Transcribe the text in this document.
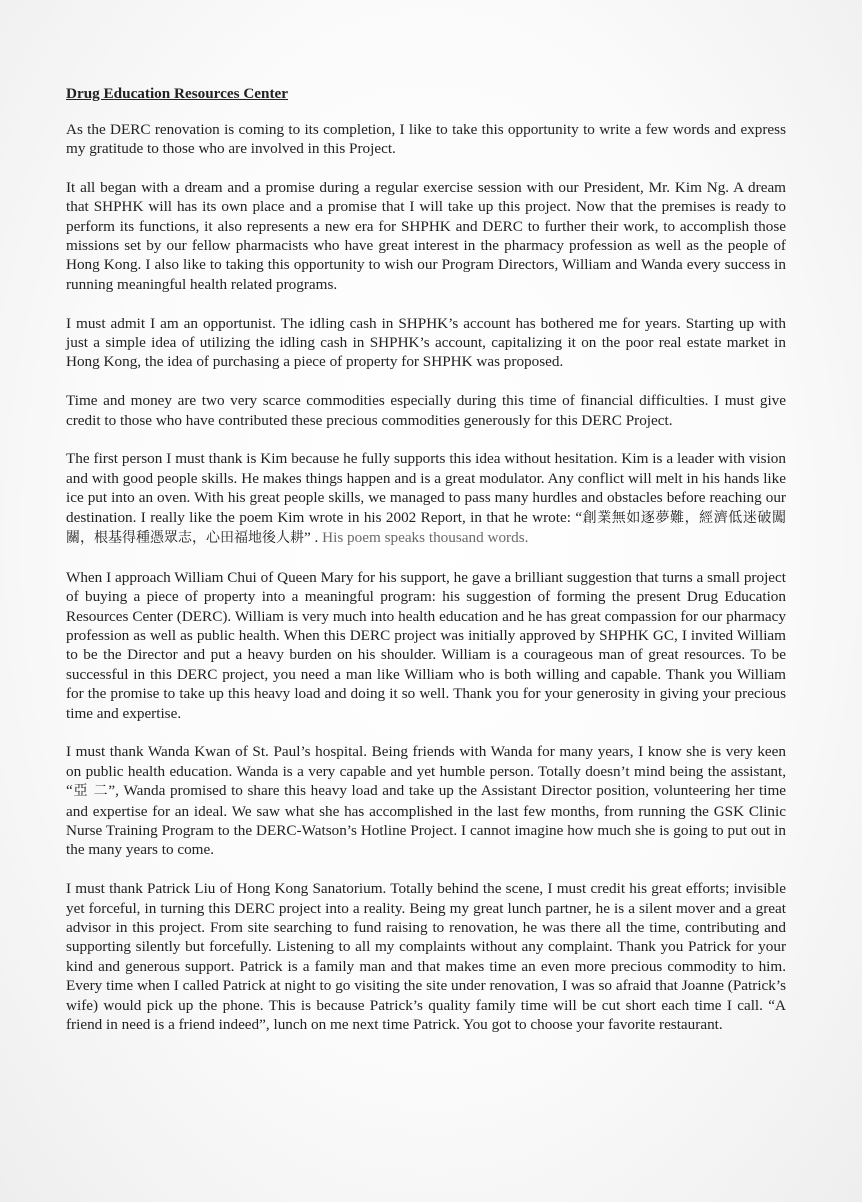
Drug Education Resources Center

As the DERC renovation is coming to its completion, I like to take this opportunity to write a few words and express my gratitude to those who are involved in this Project.

It all began with a dream and a promise during a regular exercise session with our President, Mr. Kim Ng. A dream that SHPHK will has its own place and a promise that I will take up this project. Now that the premises is ready to perform its functions, it also represents a new era for SHPHK and DERC to further their work, to accomplish those missions set by our fellow pharmacists who have great interest in the pharmacy profession as well as the people of Hong Kong. I also like to taking this opportunity to wish our Program Directors, William and Wanda every success in running meaningful health related programs.

I must admit I am an opportunist. The idling cash in SHPHK’s account has bothered me for years. Starting up with just a simple idea of utilizing the idling cash in SHPHK’s account, capitalizing it on the poor real estate market in Hong Kong, the idea of purchasing a piece of property for SHPHK was proposed.

Time and money are two very scarce commodities especially during this time of financial difficulties. I must give credit to those who have contributed these precious commodities generously for this DERC Project.

The first person I must thank is Kim because he fully supports this idea without hesitation. Kim is a leader with vision and with good people skills. He makes things happen and is a great modulator. Any conflict will melt in his hands like ice put into an oven. With his great people skills, we managed to pass many hurdles and obstacles before reaching our destination. I really like the poem Kim wrote in his 2002 Report, in that he wrote: “創業無如逐夢難，經濟低迷破闖關，根基得種憑眾志，心田福地後人耕” . His poem speaks thousand words.

When I approach William Chui of Queen Mary for his support, he gave a brilliant suggestion that turns a small project of buying a piece of property into a meaningful program: his suggestion of forming the present Drug Education Resources Center (DERC). William is very much into health education and he has great compassion for our pharmacy profession as well as public health. When this DERC project was initially approved by SHPHK GC, I invited William to be the Director and put a heavy burden on his shoulder. William is a courageous man of great resources. To be successful in this DERC project, you need a man like William who is both willing and capable. Thank you William for the promise to take up this heavy load and doing it so well. Thank you for your generosity in giving your precious time and expertise.

I must thank Wanda Kwan of St. Paul’s hospital. Being friends with Wanda for many years, I know she is very keen on public health education. Wanda is a very capable and yet humble person. Totally doesn’t mind being the assistant, “亞 二”, Wanda promised to share this heavy load and take up the Assistant Director position, volunteering her time and expertise for an ideal. We saw what she has accomplished in the last few months, from running the GSK Clinic Nurse Training Program to the DERC-Watson’s Hotline Project. I cannot imagine how much she is going to put out in the many years to come.

I must thank Patrick Liu of Hong Kong Sanatorium. Totally behind the scene, I must credit his great efforts; invisible yet forceful, in turning this DERC project into a reality. Being my great lunch partner, he is a silent mover and a great advisor in this project. From site searching to fund raising to renovation, he was there all the time, contributing and supporting silently but forcefully. Listening to all my complaints without any complaint. Thank you Patrick for your kind and generous support. Patrick is a family man and that makes time an even more precious commodity to him. Every time when I called Patrick at night to go visiting the site under renovation, I was so afraid that Joanne (Patrick’s wife) would pick up the phone. This is because Patrick’s quality family time will be cut short each time I call. “A friend in need is a friend indeed”, lunch on me next time Patrick. You got to choose your favorite restaurant.
